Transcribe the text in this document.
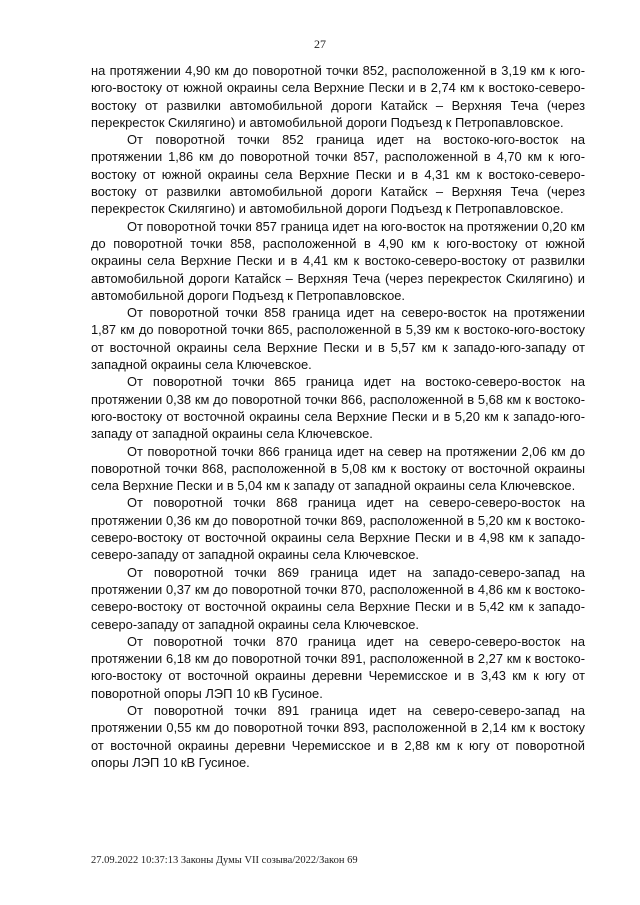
27

на протяжении 4,90 км до поворотной точки 852, расположенной в 3,19 км к юго-юго-востоку от южной окраины села Верхние Пески и в 2,74 км к востоко-северо-востоку от развилки автомобильной дороги Катайск – Верхняя Теча (через перекресток Скилягино) и автомобильной дороги Подъезд к Петропавловское.

От поворотной точки 852 граница идет на востоко-юго-восток на протяжении 1,86 км до поворотной точки 857, расположенной в 4,70 км к юго-востоку от южной окраины села Верхние Пески и в 4,31 км к востоко-северо-востоку от развилки автомобильной дороги Катайск – Верхняя Теча (через перекресток Скилягино) и автомобильной дороги Подъезд к Петропавловское.

От поворотной точки 857 граница идет на юго-восток на протяжении 0,20 км до поворотной точки 858, расположенной в 4,90 км к юго-востоку от южной окраины села Верхние Пески и в 4,41 км к востоко-северо-востоку от развилки автомобильной дороги Катайск – Верхняя Теча (через перекресток Скилягино) и автомобильной дороги Подъезд к Петропавловское.

От поворотной точки 858 граница идет на северо-восток на протяжении 1,87 км до поворотной точки 865, расположенной в 5,39 км к востоко-юго-востоку от восточной окраины села Верхние Пески и в 5,57 км к западо-юго-западу от западной окраины села Ключевское.

От поворотной точки 865 граница идет на востоко-северо-восток на протяжении 0,38 км до поворотной точки 866, расположенной в 5,68 км к востоко-юго-востоку от восточной окраины села Верхние Пески и в 5,20 км к западо-юго-западу от западной окраины села Ключевское.

От поворотной точки 866 граница идет на север на протяжении 2,06 км до поворотной точки 868, расположенной в 5,08 км к востоку от восточной окраины села Верхние Пески и в 5,04 км к западу от западной окраины села Ключевское.

От поворотной точки 868 граница идет на северо-северо-восток на протяжении 0,36 км до поворотной точки 869, расположенной в 5,20 км к востоко-северо-востоку от восточной окраины села Верхние Пески и в 4,98 км к западо-северо-западу от западной окраины села Ключевское.

От поворотной точки 869 граница идет на западо-северо-запад на протяжении 0,37 км до поворотной точки 870, расположенной в 4,86 км к востоко-северо-востоку от восточной окраины села Верхние Пески и в 5,42 км к западо-северо-западу от западной окраины села Ключевское.

От поворотной точки 870 граница идет на северо-северо-восток на протяжении 6,18 км до поворотной точки 891, расположенной в 2,27 км к востоко-юго-востоку от восточной окраины деревни Черемисское и в 3,43 км к югу от поворотной опоры ЛЭП 10 кВ Гусиное.

От поворотной точки 891 граница идет на северо-северо-запад на протяжении 0,55 км до поворотной точки 893, расположенной в 2,14 км к востоку от восточной окраины деревни Черемисское и в 2,88 км к югу от поворотной опоры ЛЭП 10 кВ Гусиное.

27.09.2022 10:37:13 Законы Думы VII созыва/2022/Закон 69
